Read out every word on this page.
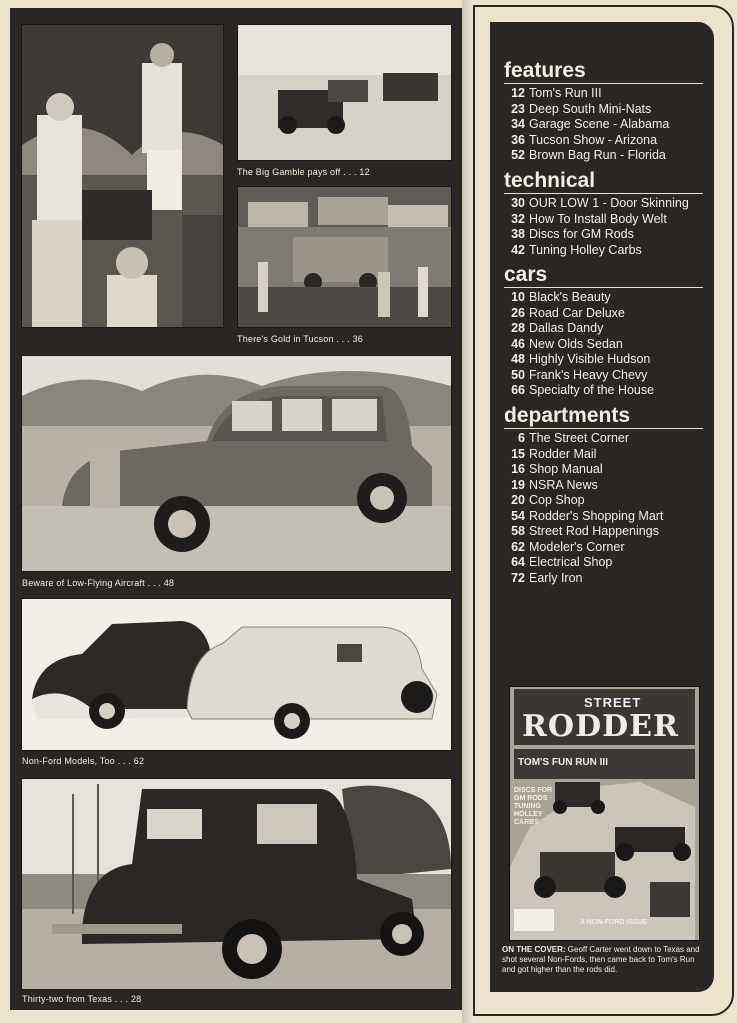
The Big Gamble pays off . . . 12
There's Gold in Tucson . . . 36
Beware of Low-Flying Aircraft . . . 48
Non-Ford Models, Too . . . 62
Thirty-two from Texas . . . 28
features
12 Tom's Run III
23 Deep South Mini-Nats
34 Garage Scene - Alabama
36 Tucson Show - Arizona
52 Brown Bag Run - Florida
technical
30 OUR LOW 1 - Door Skinning
32 How To Install Body Welt
38 Discs for GM Rods
42 Tuning Holley Carbs
cars
10 Black's Beauty
26 Road Car Deluxe
28 Dallas Dandy
46 New Olds Sedan
48 Highly Visible Hudson
50 Frank's Heavy Chevy
66 Specialty of the House
departments
6 The Street Corner
15 Rodder Mail
16 Shop Manual
19 NSRA News
20 Cop Shop
54 Rodder's Shopping Mart
58 Street Rod Happenings
62 Modeler's Corner
64 Electrical Shop
72 Early Iron
STREET
RODDER
TOM'S FUN RUN III
DISCS FOR GM RODS TUNING HOLLEY CARBS
A NON-FORD ISSUE
ON THE COVER: Geoff Carter went down to Texas and shot several Non-Fords, then came back to Tom's Run and got higher than the rods did.
